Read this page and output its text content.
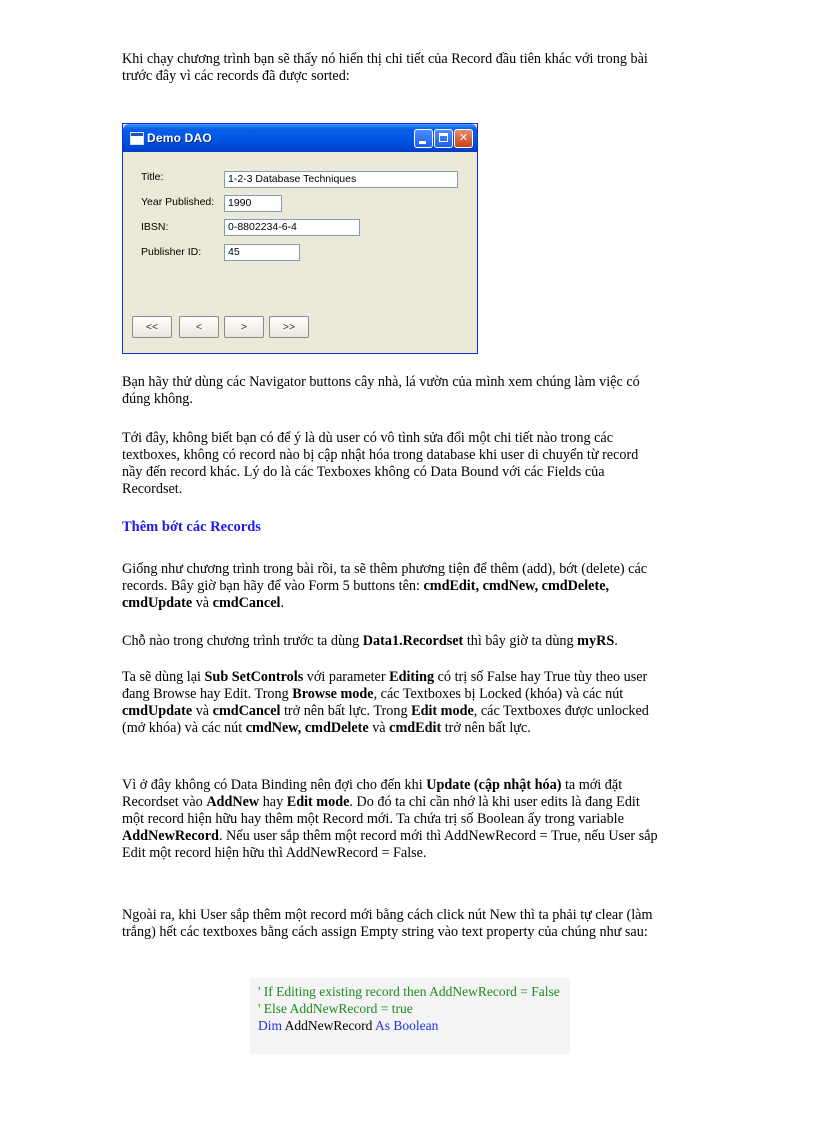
Khi chạy chương trình bạn sẽ thấy nó hiển thị chi tiết của Record đầu tiên khác với trong bài trước đây vì các records đã được sorted:

Demo DAO	✕
Title:	1-2-3 Database Techniques
Year Published:	1990
IBSN:	0-8802234-6-4
Publisher ID:	45
<<	<	>	>>

Bạn hãy thử dùng các Navigator buttons cây nhà, lá vườn của mình xem chúng làm việc có đúng không.

Tới đây, không biết bạn có để ý là dù user có vô tình sửa đổi một chi tiết nào trong các textboxes, không có record nào bị cập nhật hóa trong database khi user di chuyển từ record nầy đến record khác. Lý do là các Texboxes không có Data Bound với các Fields của Recordset.

Thêm bớt các Records

Giống như chương trình trong bài rồi, ta sẽ thêm phương tiện để thêm (add), bớt (delete) các records. Bây giờ bạn hãy để vào Form 5 buttons tên: cmdEdit, cmdNew, cmdDelete, cmdUpdate và cmdCancel.

Chỗ nào trong chương trình trước ta dùng Data1.Recordset thì bây giờ ta dùng myRS.

Ta sẽ dùng lại Sub SetControls với parameter Editing có trị số False hay True tùy theo user đang Browse hay Edit. Trong Browse mode, các Textboxes bị Locked (khóa) và các nút cmdUpdate và cmdCancel trở nên bất lực. Trong Edit mode, các Textboxes được unlocked (mở khóa) và các nút cmdNew, cmdDelete và cmdEdit trở nên bất lực.

Vì ở đây không có Data Binding nên đợi cho đến khi Update (cập nhật hóa) ta mới đặt Recordset vào AddNew hay Edit mode. Do đó ta chỉ cần nhớ là khi user edits là đang Edit một record hiện hữu hay thêm một Record mới. Ta chứa trị số Boolean ấy trong variable AddNewRecord. Nếu user sắp thêm một record mới thì AddNewRecord = True, nếu User sắp Edit một record hiện hữu thì AddNewRecord = False.

Ngoài ra, khi User sắp thêm một record mới bằng cách click nút New thì ta phải tự clear (làm trắng) hết các textboxes bằng cách assign Empty string vào text property của chúng như sau:

' If Editing existing record then AddNewRecord = False
' Else AddNewRecord = true
Dim AddNewRecord As Boolean
